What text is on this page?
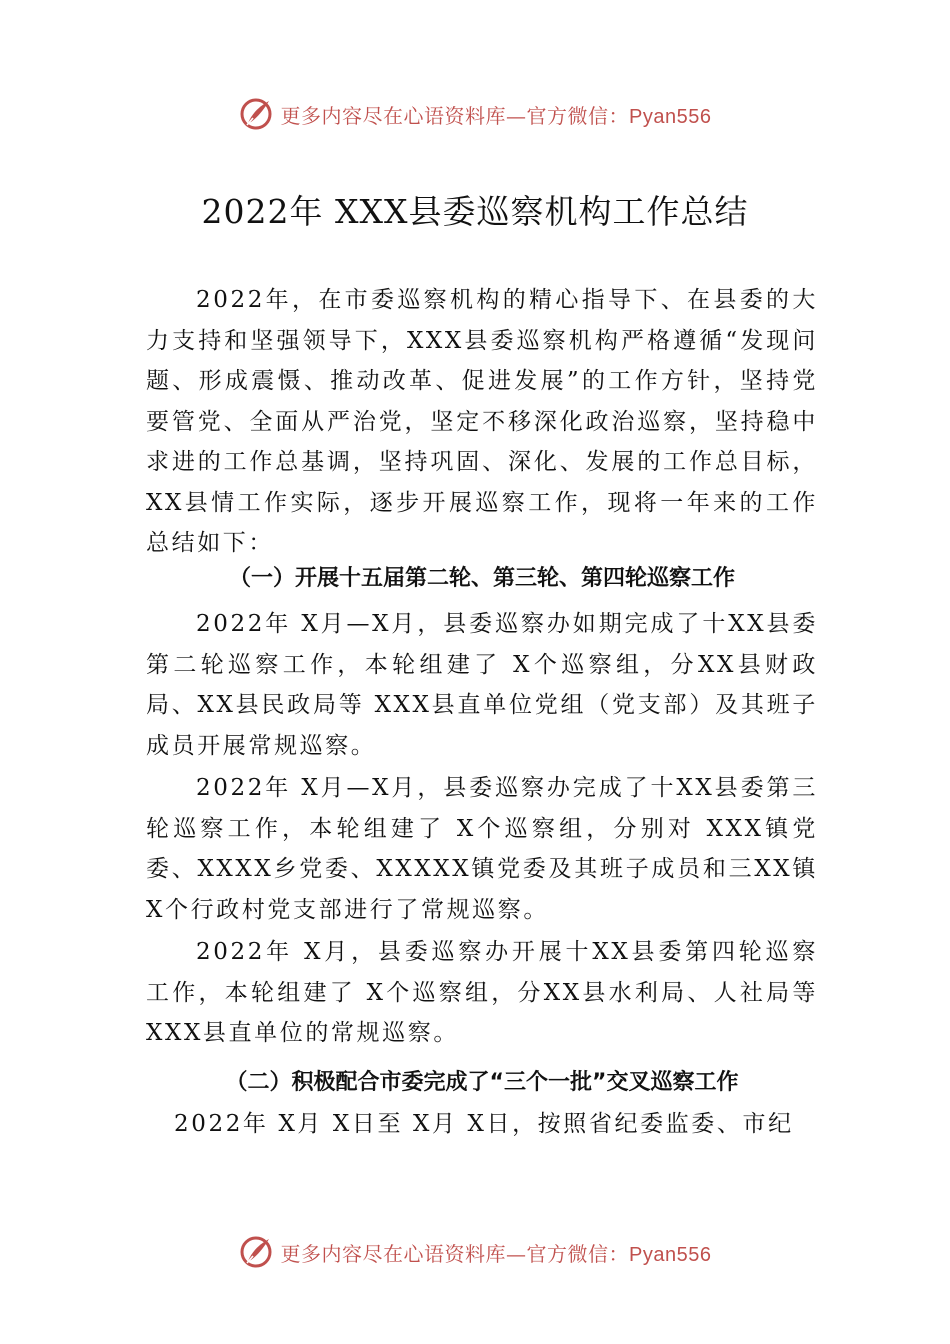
更多内容尽在心语资料库—官方微信：Pyan556
2022年 XXX县委巡察机构工作总结

2022年，在市委巡察机构的精心指导下、在县委的大力支持和坚强领导下，XXX县委巡察机构严格遵循“发现问题、形成震慑、推动改革、促进发展”的工作方针，坚持党要管党、全面从严治党，坚定不移深化政治巡察，坚持稳中求进的工作总基调，坚持巩固、深化、发展的工作总目标，XX县情工作实际，逐步开展巡察工作，现将一年来的工作总结如下：

（一）开展十五届第二轮、第三轮、第四轮巡察工作

2022年 X月—X月，县委巡察办如期完成了十XX县委第二轮巡察工作，本轮组建了 X个巡察组，分XX县财政局、XX县民政局等 XXX县直单位党组（党支部）及其班子成员开展常规巡察。

2022年 X月—X月，县委巡察办完成了十XX县委第三轮巡察工作，本轮组建了 X个巡察组，分别对 XXX镇党委、XXXX乡党委、XXXXX镇党委及其班子成员和三XX镇 X个行政村党支部进行了常规巡察。

2022年 X月，县委巡察办开展十XX县委第四轮巡察工作，本轮组建了 X个巡察组，分XX县水利局、人社局等XXX县直单位的常规巡察。

（二）积极配合市委完成了“三个一批”交叉巡察工作

2022年 X月 X日至 X月 X日，按照省纪委监委、市纪

更多内容尽在心语资料库—官方微信：Pyan556
